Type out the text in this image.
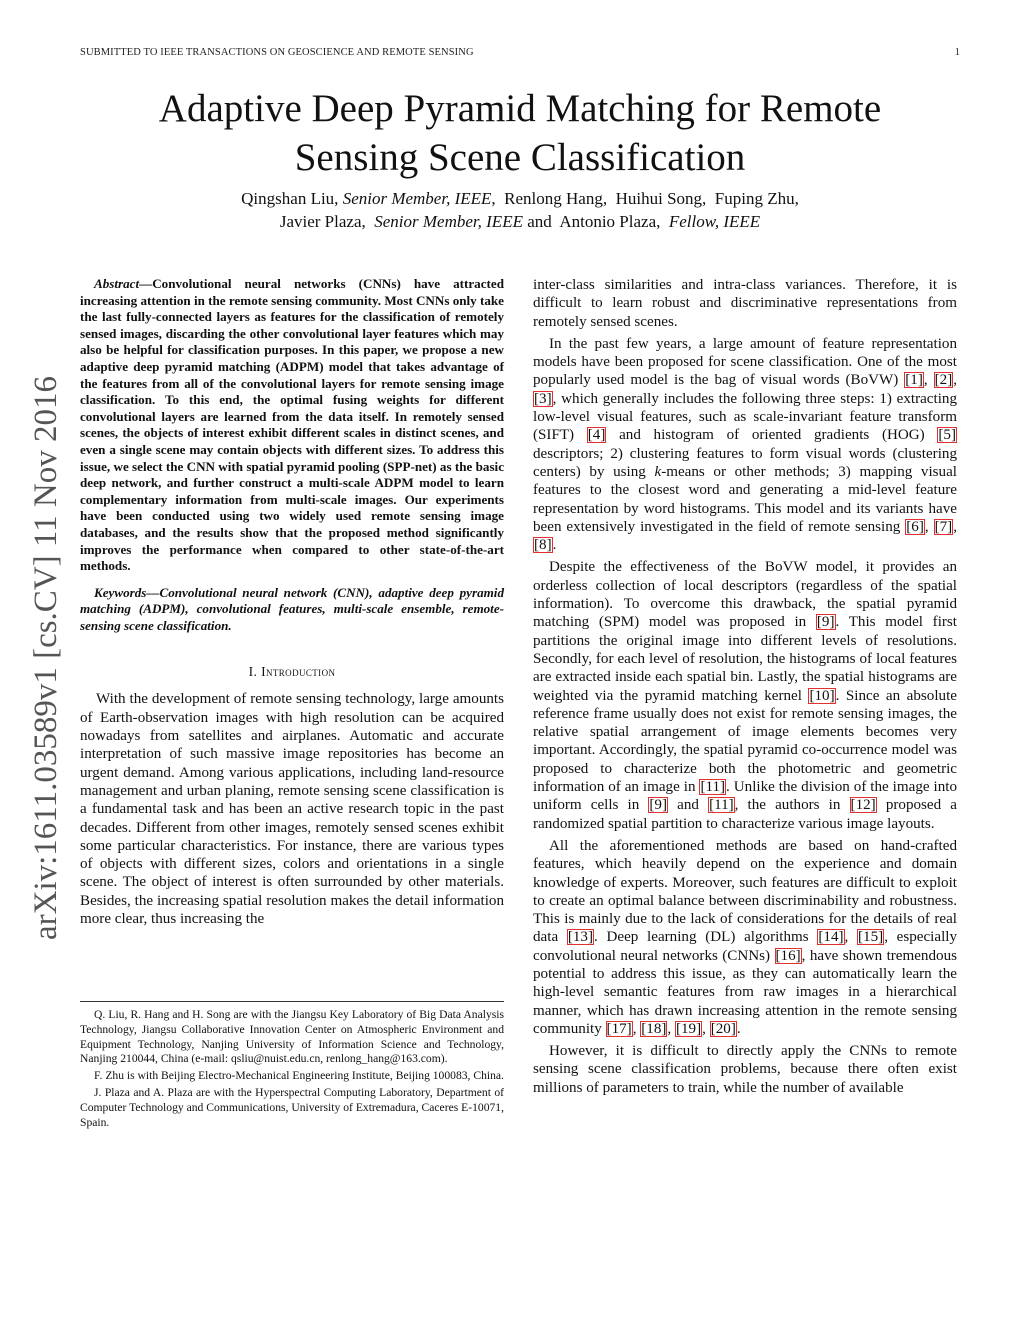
SUBMITTED TO IEEE TRANSACTIONS ON GEOSCIENCE AND REMOTE SENSING	1
arXiv:1611.03589v1 [cs.CV] 11 Nov 2016
Adaptive Deep Pyramid Matching for Remote
Sensing Scene Classification
Qingshan Liu, Senior Member, IEEE, Renlong Hang, Huihui Song, Fuping Zhu,
Javier Plaza, Senior Member, IEEE and Antonio Plaza, Fellow, IEEE

Abstract—Convolutional neural networks (CNNs) have attracted increasing attention in the remote sensing community. Most CNNs only take the last fully-connected layers as features for the classification of remotely sensed images, discarding the other convolutional layer features which may also be helpful for classification purposes. In this paper, we propose a new adaptive deep pyramid matching (ADPM) model that takes advantage of the features from all of the convolutional layers for remote sensing image classification. To this end, the optimal fusing weights for different convolutional layers are learned from the data itself. In remotely sensed scenes, the objects of interest exhibit different scales in distinct scenes, and even a single scene may contain objects with different sizes. To address this issue, we select the CNN with spatial pyramid pooling (SPP-net) as the basic deep network, and further construct a multi-scale ADPM model to learn complementary information from multi-scale images. Our experiments have been conducted using two widely used remote sensing image databases, and the results show that the proposed method significantly improves the performance when compared to other state-of-the-art methods.

Keywords—Convolutional neural network (CNN), adaptive deep pyramid matching (ADPM), convolutional features, multi-scale ensemble, remote-sensing scene classification.

I. Introduction

With the development of remote sensing technology, large amounts of Earth-observation images with high resolution can be acquired nowadays from satellites and airplanes. Automatic and accurate interpretation of such massive image repositories has become an urgent demand. Among various applications, including land-resource management and urban planing, remote sensing scene classification is a fundamental task and has been an active research topic in the past decades. Different from other images, remotely sensed scenes exhibit some particular characteristics. For instance, there are various types of objects with different sizes, colors and orientations in a single scene. The object of interest is often surrounded by other materials. Besides, the increasing spatial resolution makes the detail information more clear, thus increasing the

Q. Liu, R. Hang and H. Song are with the Jiangsu Key Laboratory of Big Data Analysis Technology, Jiangsu Collaborative Innovation Center on Atmospheric Environment and Equipment Technology, Nanjing University of Information Science and Technology, Nanjing 210044, China (e-mail: qsliu@nuist.edu.cn, renlong_hang@163.com).

F. Zhu is with Beijing Electro-Mechanical Engineering Institute, Beijing 100083, China.

J. Plaza and A. Plaza are with the Hyperspectral Computing Laboratory, Department of Computer Technology and Communications, University of Extremadura, Caceres E-10071, Spain.

inter-class similarities and intra-class variances. Therefore, it is difficult to learn robust and discriminative representations from remotely sensed scenes.

In the past few years, a large amount of feature representation models have been proposed for scene classification. One of the most popularly used model is the bag of visual words (BoVW) [1], [2], [3], which generally includes the following three steps: 1) extracting low-level visual features, such as scale-invariant feature transform (SIFT) [4] and histogram of oriented gradients (HOG) [5] descriptors; 2) clustering features to form visual words (clustering centers) by using k-means or other methods; 3) mapping visual features to the closest word and generating a mid-level feature representation by word histograms. This model and its variants have been extensively investigated in the field of remote sensing [6], [7], [8].

Despite the effectiveness of the BoVW model, it provides an orderless collection of local descriptors (regardless of the spatial information). To overcome this drawback, the spatial pyramid matching (SPM) model was proposed in [9]. This model first partitions the original image into different levels of resolutions. Secondly, for each level of resolution, the histograms of local features are extracted inside each spatial bin. Lastly, the spatial histograms are weighted via the pyramid matching kernel [10]. Since an absolute reference frame usually does not exist for remote sensing images, the relative spatial arrangement of image elements becomes very important. Accordingly, the spatial pyramid co-occurrence model was proposed to characterize both the photometric and geometric information of an image in [11]. Unlike the division of the image into uniform cells in [9] and [11], the authors in [12] proposed a randomized spatial partition to characterize various image layouts.

All the aforementioned methods are based on hand-crafted features, which heavily depend on the experience and domain knowledge of experts. Moreover, such features are difficult to exploit to create an optimal balance between discriminability and robustness. This is mainly due to the lack of considerations for the details of real data [13]. Deep learning (DL) algorithms [14], [15], especially convolutional neural networks (CNNs) [16], have shown tremendous potential to address this issue, as they can automatically learn the high-level semantic features from raw images in a hierarchical manner, which has drawn increasing attention in the remote sensing community [17], [18], [19], [20].

However, it is difficult to directly apply the CNNs to remote sensing scene classification problems, because there often exist millions of parameters to train, while the number of available
